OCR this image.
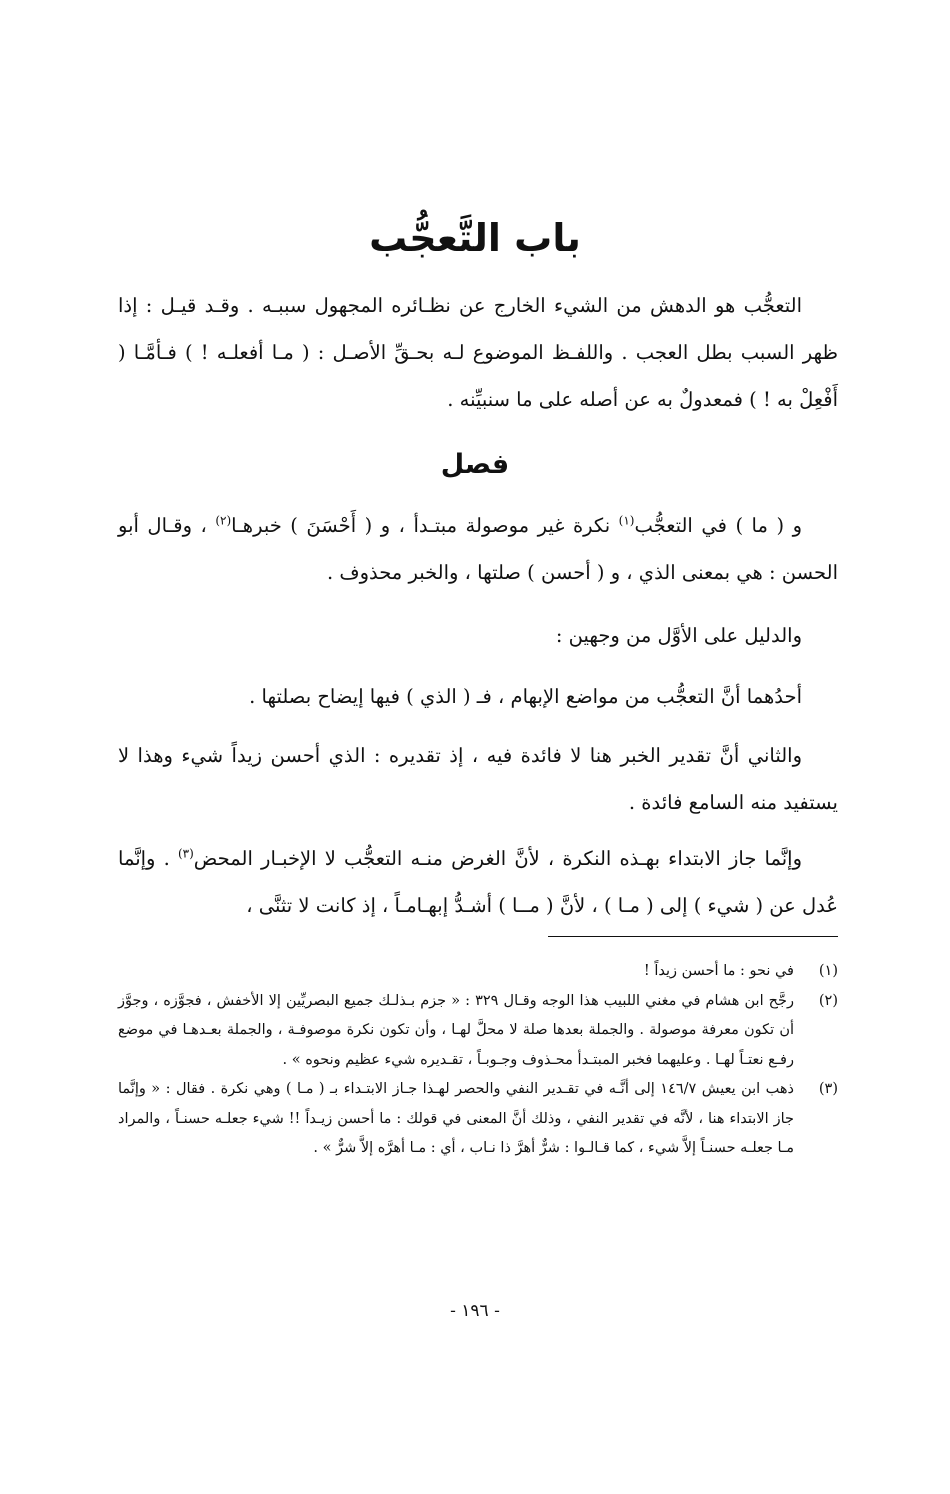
باب التَّعجُّب

التعجُّب هو الدهش من الشيء الخارج عن نظـائره المجهول سببـه . وقـد قيـل : إذا ظهر السبب بطل العجب . واللفـظ الموضوع لـه بحـقِّ الأصـل : ( مـا أفعلـه ! ) فـأمَّـا ( أَفْعِلْ به ! ) فمعدولٌ به عن أصله على ما سنبيِّنه .

فصل

و ( ما ) في التعجُّب$^{(١)}$ نكرة غير موصولة مبتـدأ ، و ( أَحْسَنَ ) خبرهـا$^{(٢)}$ ، وقـال أبو الحسن : هي بمعنى الذي ، و ( أحسن ) صلتها ، والخبر محذوف .

والدليل على الأوَّل من وجهين :

أحدُهما أنَّ التعجُّب من مواضع الإبهام ، فـ ( الذي ) فيها إيضاح بصلتها .

والثاني أنَّ تقدير الخبر هنا لا فائدة فيه ، إذ تقديره : الذي أحسن زيداً شيء وهذا لا يستفيد منه السامع فائدة .

وإنَّما جاز الابتداء بهـذه النكرة ، لأنَّ الغرض منـه التعجُّب لا الإخبـار المحض$^{(٣)}$ . وإنَّما عُدل عن ( شيء ) إلى ( مـا ) ، لأنَّ ( مــا ) أشـدُّ إبهـامـاً ، إذ كانت لا تثنَّى ،

(١)
في نحو : ما أحسن زيداً !
(٢)
رجَّح ابن هشام في مغني اللبيب هذا الوجه وقـال ٣٢٩ : « جزم بـذلـك جميع البصريِّين إلا الأخفش ، فجوَّزه ، وجوَّز أن تكون معرفة موصولة . والجملة بعدها صلة لا محلَّ لهـا ، وأن تكون نكرة موصوفـة ، والجملة بعـدهـا في موضع رفـع نعتـاً لهـا . وعليهما فخبر المبتـدأ محـذوف وجـوبـاً ، تقـديره شيء عظيم ونحوه » .
(٣)
ذهب ابن يعيش ١٤٦/٧ إلى أنَّـه في تقـدير النفي والحصر لهـذا جـاز الابتـداء بـ ( مـا ) وهي نكرة . فقال : « وإنَّما جاز الابتداء هنا ، لأنَّه في تقدير النفي ، وذلك أنَّ المعنى في قولك : ما أحسن زيـداً !! شيء جعلـه حسنـاً ، والمراد مـا جعلـه حسنـاً إلاَّ شيء ، كما قـالـوا : شرٌّ أهرَّ ذا نـاب ، أي : مـا أهرَّه إلاَّ شرٌّ » .
- ١٩٦ -
